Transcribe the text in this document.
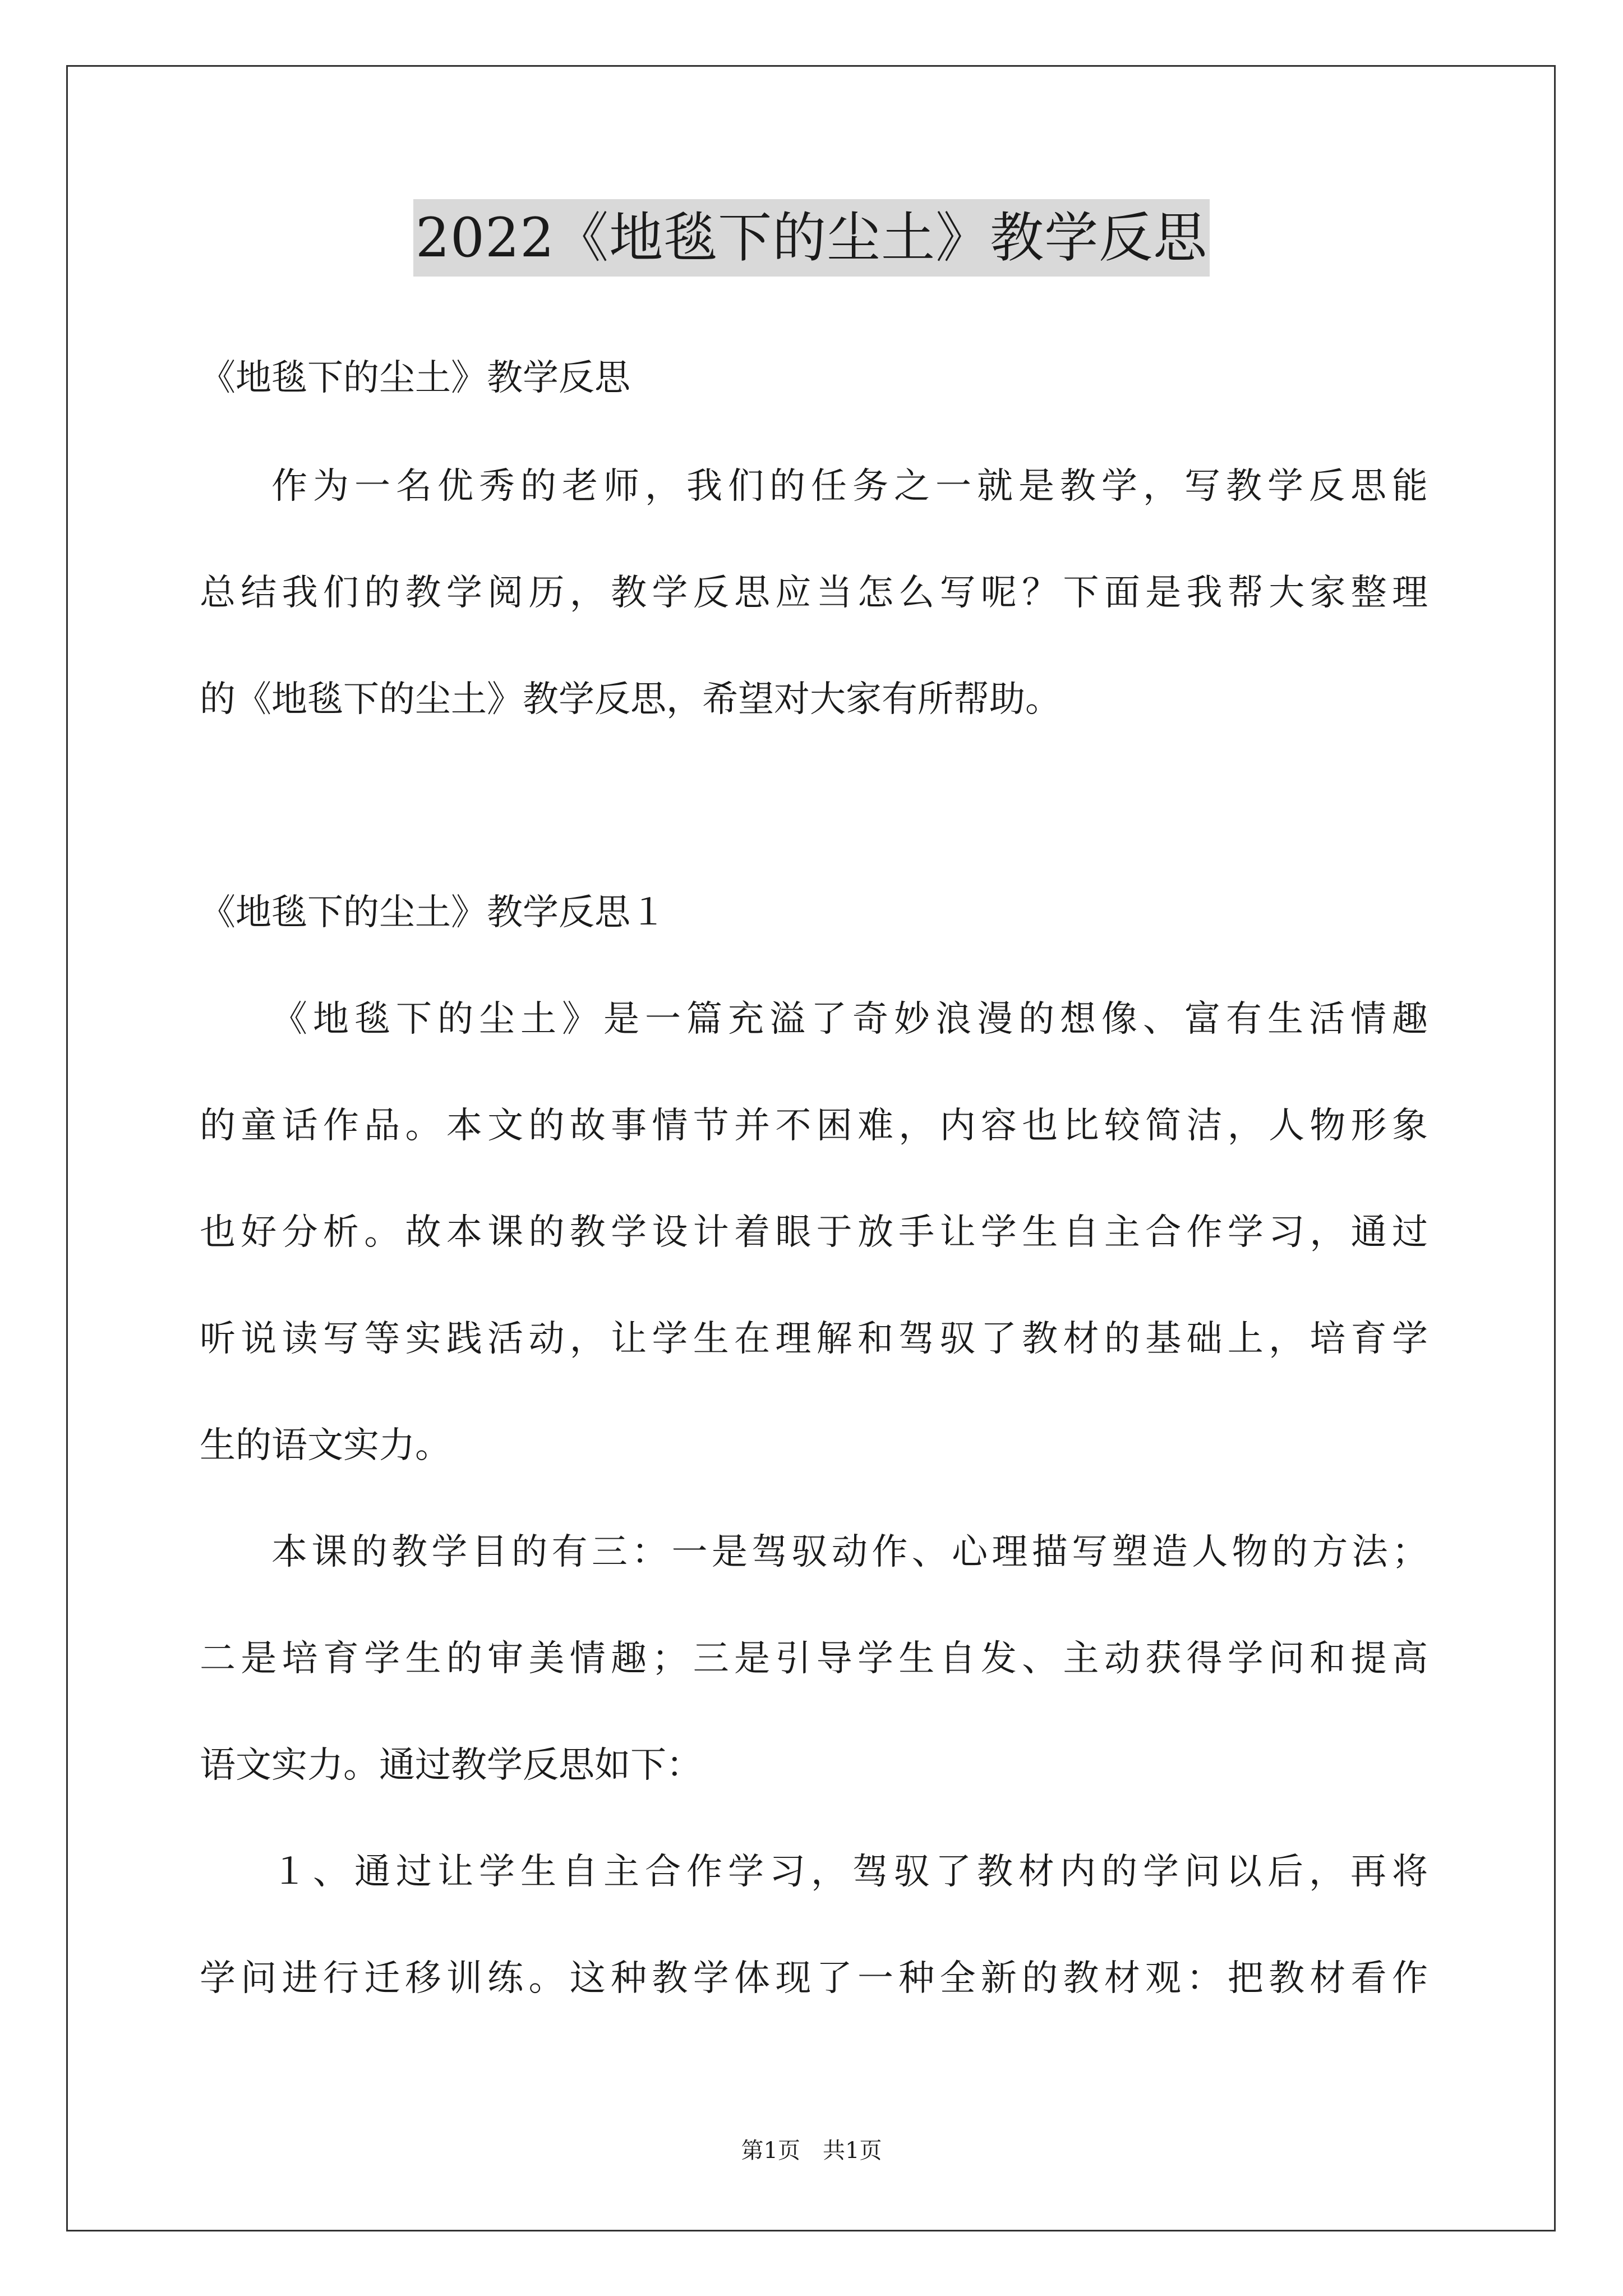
2022《地毯下的尘土》教学反思
《地毯下的尘土》教学反思
作为一名优秀的老师，我们的任务之一就是教学，写教学反思能
总结我们的教学阅历，教学反思应当怎么写呢？下面是我帮大家整理
的《地毯下的尘土》教学反思，希望对大家有所帮助。
《地毯下的尘土》教学反思１
《地毯下的尘土》是一篇充溢了奇妙浪漫的想像、富有生活情趣
的童话作品。本文的故事情节并不困难，内容也比较简洁，人物形象
也好分析。故本课的教学设计着眼于放手让学生自主合作学习，通过
听说读写等实践活动，让学生在理解和驾驭了教材的基础上，培育学
生的语文实力。
本课的教学目的有三：一是驾驭动作、心理描写塑造人物的方法；
二是培育学生的审美情趣；三是引导学生自发、主动获得学问和提高
语文实力。通过教学反思如下：
１、通过让学生自主合作学习，驾驭了教材内的学问以后，再将
学问进行迁移训练。这种教学体现了一种全新的教材观：把教材看作
第1页　共1页
